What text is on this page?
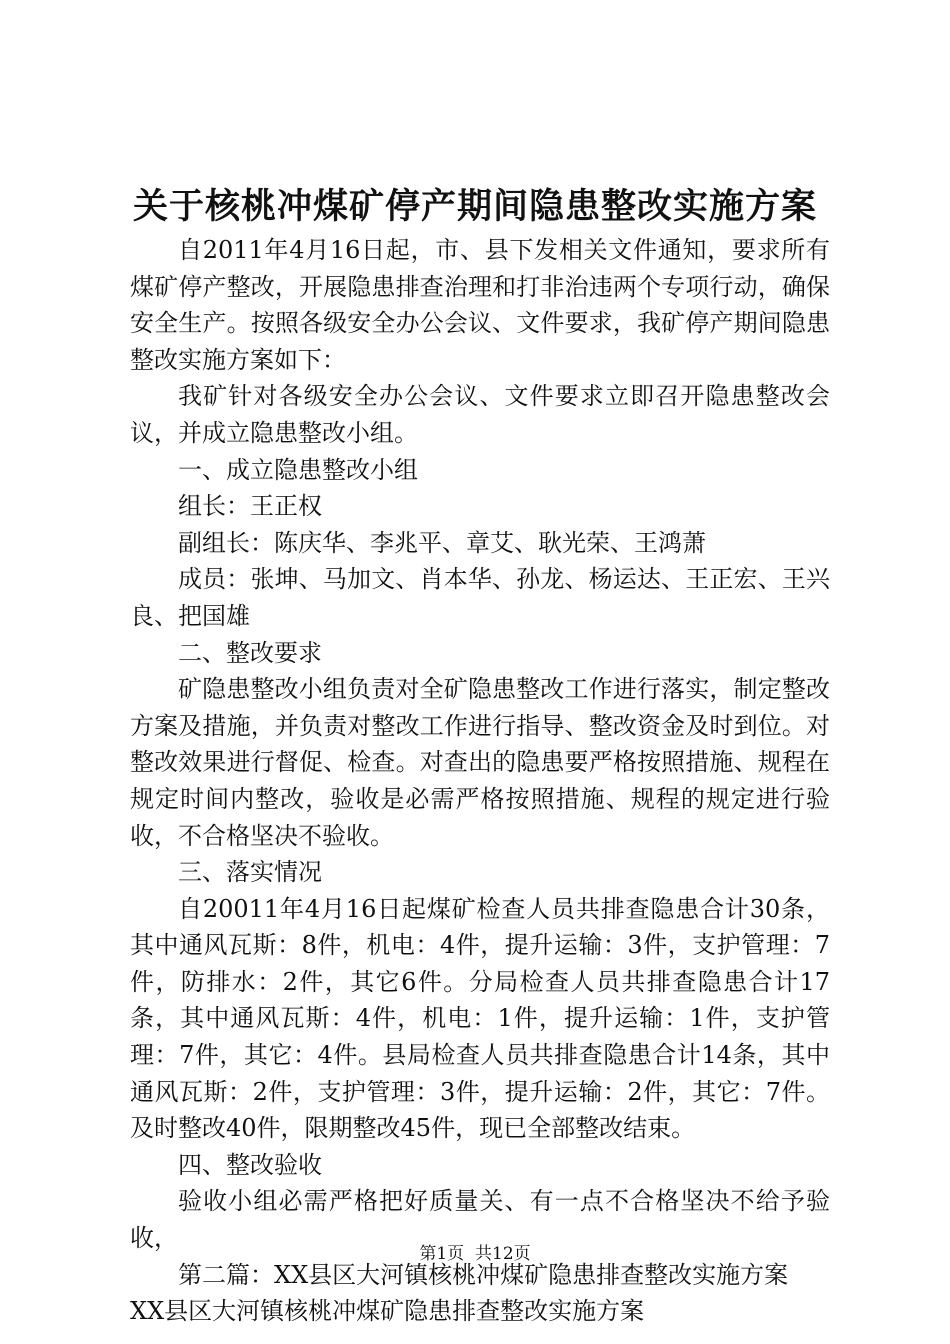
关于核桃冲煤矿停产期间隐患整改实施方案

自2011年4月16日起，市、县下发相关文件通知，要求所有煤矿停产整改，开展隐患排查治理和打非治违两个专项行动，确保安全生产。按照各级安全办公会议、文件要求，我矿停产期间隐患整改实施方案如下：

我矿针对各级安全办公会议、文件要求立即召开隐患整改会议，并成立隐患整改小组。

一、成立隐患整改小组

组长：王正权

副组长：陈庆华、李兆平、章艾、耿光荣、王鸿萧

成员：张坤、马加文、肖本华、孙龙、杨运达、王正宏、王兴良、把国雄

二、整改要求

矿隐患整改小组负责对全矿隐患整改工作进行落实，制定整改方案及措施，并负责对整改工作进行指导、整改资金及时到位。对整改效果进行督促、检查。对查出的隐患要严格按照措施、规程在规定时间内整改，验收是必需严格按照措施、规程的规定进行验收，不合格坚决不验收。

三、落实情况

自20011年4月16日起煤矿检查人员共排查隐患合计30条，其中通风瓦斯：8件，机电：4件，提升运输：3件，支护管理：7件，防排水：2件，其它6件。分局检查人员共排查隐患合计17条，其中通风瓦斯：4件，机电：1件，提升运输：1件，支护管理：7件，其它：4件。县局检查人员共排查隐患合计14条，其中通风瓦斯：2件，支护管理：3件，提升运输：2件，其它：7件。及时整改40件，限期整改45件，现已全部整改结束。

四、整改验收

验收小组必需严格把好质量关、有一点不合格坚决不给予验收，

第二篇：XX县区大河镇核桃冲煤矿隐患排查整改实施方案

XX县区大河镇核桃冲煤矿隐患排查整改实施方案

第1页 共12页
